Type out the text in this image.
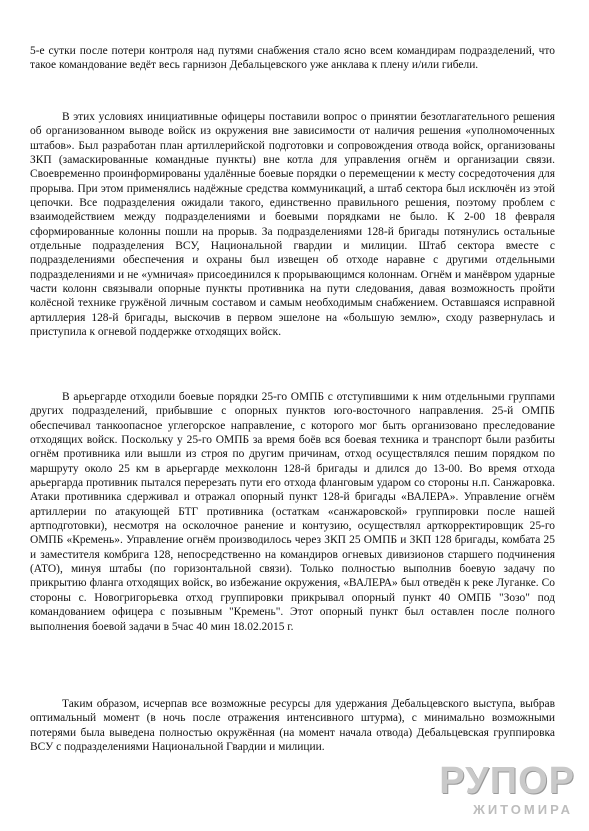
5-е сутки после потери контроля над путями снабжения стало ясно всем командирам подразделений, что такое командование ведёт весь гарнизон Дебальцевского уже анклава к плену и/или гибели.

В этих условиях инициативные офицеры поставили вопрос о принятии безотлагательного решения об организованном выводе войск из окружения вне зависимости от наличия решения «уполномоченных штабов». Был разработан план артиллерийской подготовки и сопровождения отвода войск, организованы ЗКП (замаскированные командные пункты) вне котла для управления огнём и организации связи. Своевременно проинформированы удалённые боевые порядки о перемещении к месту сосредоточения для прорыва. При этом применялись надёжные средства коммуникаций, а штаб сектора был исключён из этой цепочки. Все подразделения ожидали такого, единственно правильного решения, поэтому проблем с взаимодействием между подразделениями и боевыми порядками не было. К 2-00 18 февраля сформированные колонны пошли на прорыв. За подразделениями 128-й бригады потянулись остальные отдельные подразделения ВСУ, Национальной гвардии и милиции. Штаб сектора вместе с подразделениями обеспечения и охраны был извещен об отходе наравне с другими отдельными подразделениями и не «умничая» присоединился к прорывающимся колоннам. Огнём и манёвром ударные части колонн связывали опорные пункты противника на пути следования, давая возможность пройти колёсной технике гружёной личным составом и самым необходимым снабжением. Оставшаяся исправной артиллерия 128-й бригады, выскочив в первом эшелоне на «большую землю», сходу развернулась и приступила к огневой поддержке отходящих войск.

В арьергарде отходили боевые порядки 25-го ОМПБ с отступившими к ним отдельными группами других подразделений, прибывшие с опорных пунктов юго-восточного направления. 25-й ОМПБ обеспечивал танкоопасное углегорское направление, с которого мог быть организовано преследование отходящих войск. Поскольку у 25-го ОМПБ за время боёв вся боевая техника и транспорт были разбиты огнём противника или вышли из строя по другим причинам, отход осуществлялся пешим порядком по маршруту около 25 км в арьергарде мехколонн 128-й бригады и длился до 13-00. Во время отхода арьергарда противник пытался перерезать пути его отхода фланговым ударом со стороны н.п. Санжаровка. Атаки противника сдерживал и отражал опорный пункт 128-й бригады «ВАЛЕРА». Управление огнём артиллерии по атакующей БТГ противника (остаткам «санжаровской» группировки после нашей артподготовки), несмотря на осколочное ранение и контузию, осуществлял арткорректировщик 25-го ОМПБ «Кремень». Управление огнём производилось через ЗКП 25 ОМПБ и ЗКП 128 бригады, комбата 25 и заместителя комбрига 128, непосредственно на командиров огневых дивизионов старшего подчинения (АТО), минуя штабы (по горизонтальной связи). Только полностью выполнив боевую задачу по прикрытию фланга отходящих войск, во избежание окружения, «ВАЛЕРА» был отведён к реке Луганке. Со стороны с. Новогригорьевка отход группировки прикрывал опорный пункт 40 ОМПБ "Зозо" под командованием офицера с позывным "Кремень". Этот опорный пункт был оставлен после полного выполнения боевой задачи в 5час 40 мин 18.02.2015 г.

Таким образом, исчерпав все возможные ресурсы для удержания Дебальцевского выступа, выбрав оптимальный момент (в ночь после отражения интенсивного штурма), с минимально возможными потерями была выведена полностью окружённая (на момент начала отвода) Дебальцевская группировка ВСУ с подразделениями Национальной Гвардии и милиции.

РУПОР
ЖИТОМИРА
